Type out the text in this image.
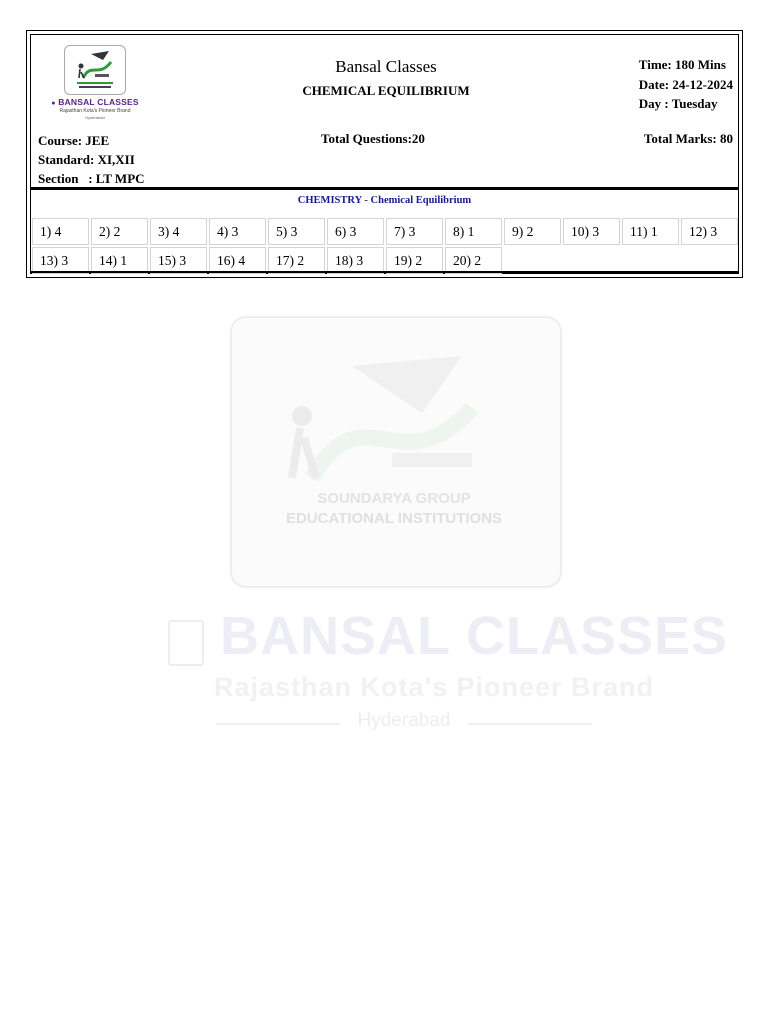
● BANSAL CLASSES
Rajasthan Kota's Pioneer Brand
Hyderabad
Bansal Classes
CHEMICAL EQUILIBRIUM
Time: 180 Mins
Date: 24-12-2024
Day : Tuesday
Course: JEE
Standard: XI,XII
Section   : LT MPC
Total Questions:20	Total Marks: 80
CHEMISTRY - Chemical Equilibrium
1) 4	2) 2	3) 4	4) 3	5) 3	6) 3	7) 3	8) 1	9) 2	10) 3	11) 1	12) 3
13) 3	14) 1	15) 3	16) 4	17) 2	18) 3	19) 2	20) 2
SOUNDARYA GROUP
EDUCATIONAL INSTITUTIONS
BANSAL CLASSES
Rajasthan Kota's Pioneer Brand
Hyderabad
